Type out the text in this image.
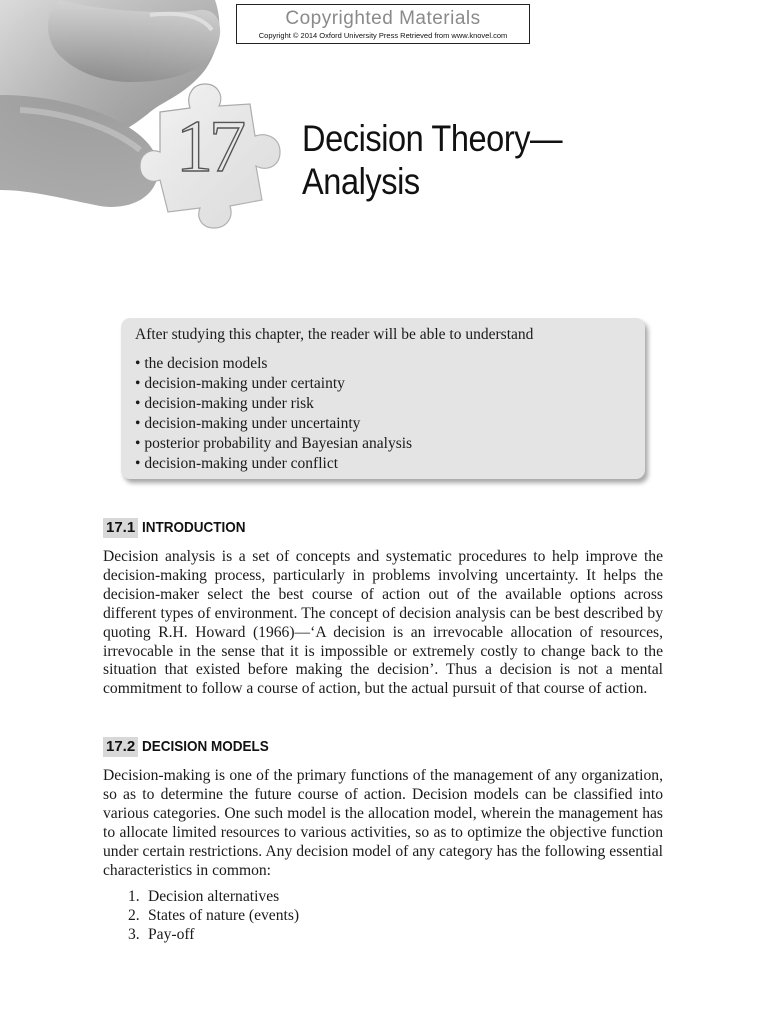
17
Copyrighted Materials
Copyright © 2014 Oxford University Press Retrieved from www.knovel.com
Decision Theory—
Analysis
After studying this chapter, the reader will be able to understand
• the decision models
• decision-making under certainty
• decision-making under risk
• decision-making under uncertainty
• posterior probability and Bayesian analysis
• decision-making under conflict
17.1 INTRODUCTION

Decision analysis is a set of concepts and systematic procedures to help improve the decision-making process, particularly in problems involving uncertainty. It helps the decision-maker select the best course of action out of the available options across different types of environment. The concept of decision analysis can be best described by quoting R.H. Howard (1966)—‘A decision is an irrevocable allocation of resources, irrevocable in the sense that it is impossible or extremely costly to change back to the situation that existed before making the decision’. Thus a decision is not a mental commitment to follow a course of action, but the actual pursuit of that course of action.

17.2 DECISION MODELS

Decision-making is one of the primary functions of the management of any organization, so as to determine the future course of action. Decision models can be classified into various categories. One such model is the allocation model, wherein the management has to allocate limited resources to various activities, so as to optimize the objective function under certain restrictions. Any decision model of any category has the following essential characteristics in common:

1. Decision alternatives
2. States of nature (events)
3. Pay-off
